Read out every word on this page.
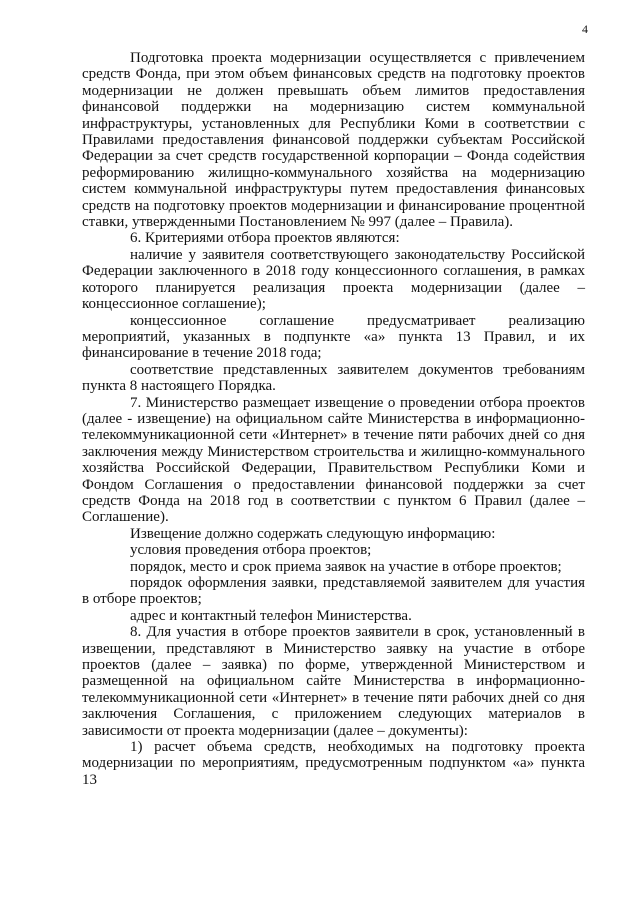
4

Подготовка проекта модернизации осуществляется с привлечением средств Фонда, при этом объем финансовых средств на подготовку проектов модернизации не должен превышать объем лимитов предоставления финансовой поддержки на модернизацию систем коммунальной инфраструктуры, установленных для Республики Коми в соответствии с Правилами предоставления финансовой поддержки субъектам Российской Федерации за счет средств государственной корпорации – Фонда содействия реформированию жилищно-коммунального хозяйства на модернизацию систем коммунальной инфраструктуры путем предоставления финансовых средств на подготовку проектов модернизации и финансирование процентной ставки, утвержденными Постановлением № 997 (далее – Правила).

6. Критериями отбора проектов являются:

наличие у заявителя соответствующего законодательству Российской Федерации заключенного в 2018 году концессионного соглашения, в рамках которого планируется реализация проекта модернизации (далее – концессионное соглашение);

концессионное соглашение предусматривает реализацию мероприятий, указанных в подпункте «а» пункта 13 Правил, и их финансирование в течение 2018 года;

соответствие представленных заявителем документов требованиям пункта 8 настоящего Порядка.

7. Министерство размещает извещение о проведении отбора проектов (далее - извещение) на официальном сайте Министерства в информационно-телекоммуникационной сети «Интернет» в течение пяти рабочих дней со дня заключения между Министерством строительства и жилищно-коммунального хозяйства Российской Федерации, Правительством Республики Коми и Фондом Соглашения о предоставлении финансовой поддержки за счет средств Фонда на 2018 год в соответствии с пунктом 6 Правил (далее – Соглашение).

Извещение должно содержать следующую информацию:

условия проведения отбора проектов;

порядок, место и срок приема заявок на участие в отборе проектов;

порядок оформления заявки, представляемой заявителем для участия в отборе проектов;

адрес и контактный телефон Министерства.

8. Для участия в отборе проектов заявители в срок, установленный в извещении, представляют в Министерство заявку на участие в отборе проектов (далее – заявка) по форме, утвержденной Министерством и размещенной на официальном сайте Министерства в информационно-телекоммуникационной сети «Интернет» в течение пяти рабочих дней со дня заключения Соглашения, с приложением следующих материалов в зависимости от проекта модернизации (далее – документы):

1) расчет объема средств, необходимых на подготовку проекта модернизации по мероприятиям, предусмотренным подпунктом «а» пункта 13
